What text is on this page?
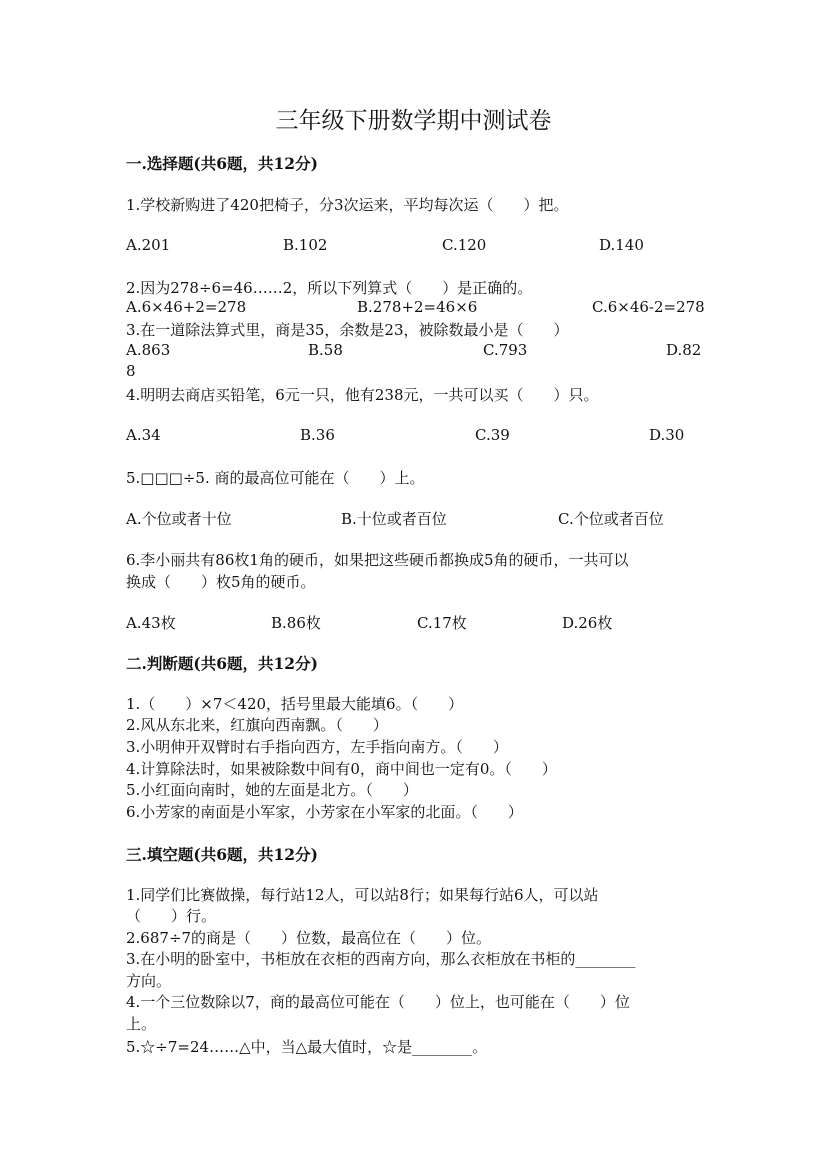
三年级下册数学期中测试卷
一.选择题(共6题，共12分)
1.学校新购进了420把椅子，分3次运来，平均每次运（　　）把。
A.201	B.102	C.120	D.140
2.因为278÷6=46……2，所以下列算式（　　）是正确的。
A.6×46+2=278	B.278+2=46×6	C.6×46-2=278
3.在一道除法算式里，商是35，余数是23，被除数最小是（　　）
A.863	B.58	C.793	D.82
8
4.明明去商店买铅笔，6元一只，他有238元，一共可以买（　　）只。
A.34	B.36	C.39	D.30
5.□□□÷5. 商的最高位可能在（　　）上。
A.个位或者十位	B.十位或者百位	C.个位或者百位
6.李小丽共有86枚1角的硬币，如果把这些硬币都换成5角的硬币，一共可以
换成（　　）枚5角的硬币。
A.43枚	B.86枚	C.17枚	D.26枚
二.判断题(共6题，共12分)
1.（　　）×7＜420，括号里最大能填6。（　　）
2.风从东北来，红旗向西南飘。（　　）
3.小明伸开双臂时右手指向西方，左手指向南方。（　　）
4.计算除法时，如果被除数中间有0，商中间也一定有0。（　　）
5.小红面向南时，她的左面是北方。（　　）
6.小芳家的南面是小军家，小芳家在小军家的北面。（　　）
三.填空题(共6题，共12分)
1.同学们比赛做操，每行站12人，可以站8行；如果每行站6人，可以站
（　　）行。
2.687÷7的商是（　　）位数，最高位在（　　）位。
3.在小明的卧室中，书柜放在衣柜的西南方向，那么衣柜放在书柜的________
方向。
4.一个三位数除以7，商的最高位可能在（　　）位上，也可能在（　　）位
上。
5.☆÷7=24……△中，当△最大值时，☆是________。
